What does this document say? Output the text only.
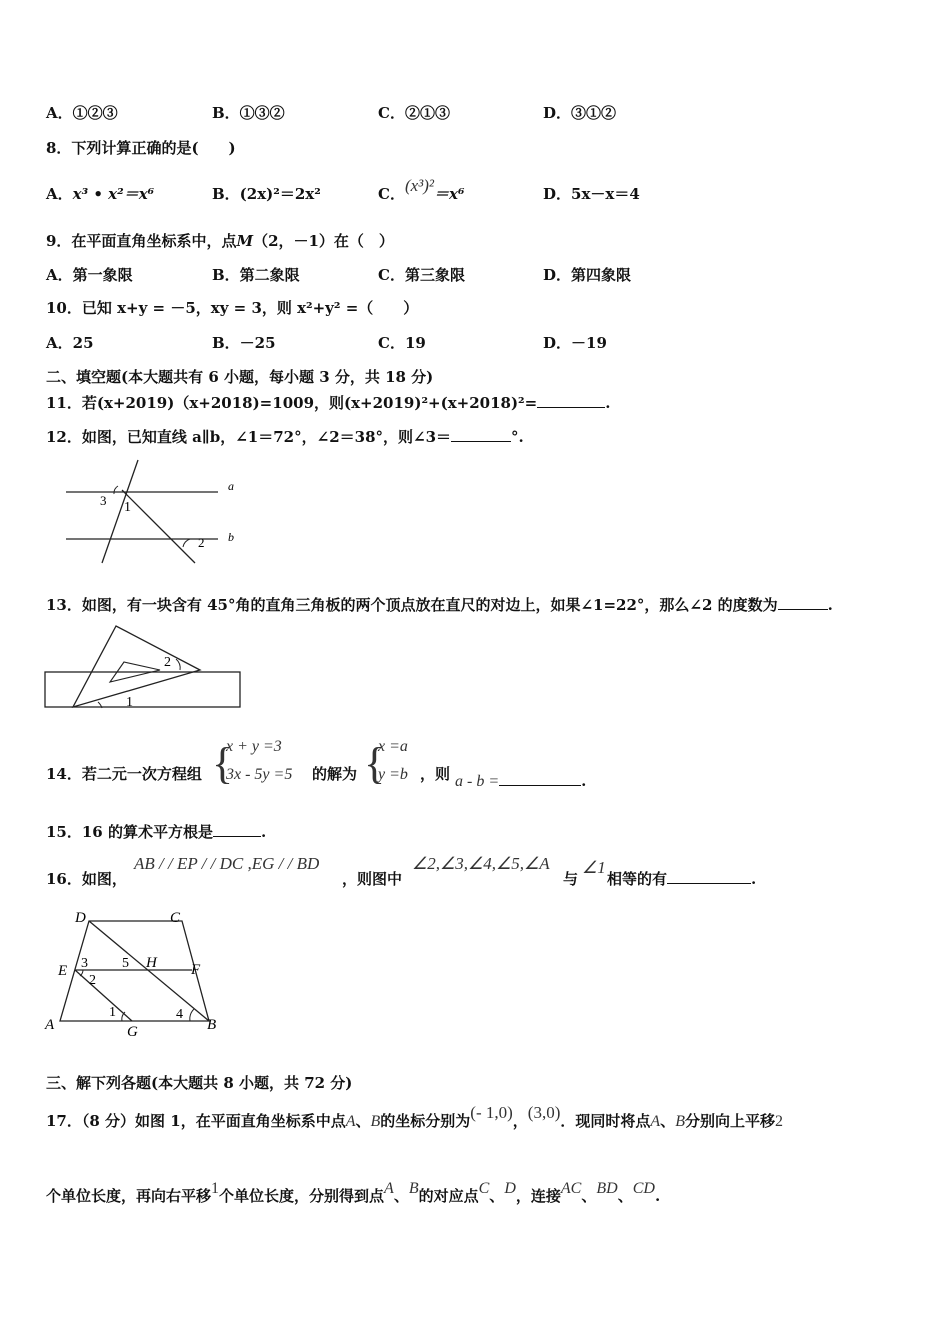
A．①②③	B．①③②	C．②①③	D．③①②
8．下列计算正确的是(　　)
A．x³ • x²＝x⁶	B．(2x)²＝2x²	C．(x³)²＝x⁶	D．5x－x＝4
9．在平面直角坐标系中，点M（2，－1）在（　）
A．第一象限	B．第二象限	C．第三象限	D．第四象限
10．已知 x+y = －5，xy = 3，则 x²+y² =（　　）
A．25	B．－25	C．19	D．－19
二、填空题(本大题共有 6 小题，每小题 3 分，共 18 分)
11．若(x+2019)（x+2018)=1009，则(x+2019)²+(x+2018)²=	.
12．如图，已知直线 a∥b，∠1＝72°，∠2＝38°，则∠3＝	°.
a
b
3 1
2
13．如图，有一块含有 45°角的直角三角板的两个顶点放在直尺的对边上，如果∠1=22°，那么∠2 的度数为	.
1
2
14．若二元一次方程组 {
x + y =3
3x - 5y =5 的解为 {
x =a
y =b ，则 a - b =	.
15．16 的算术平方根是	.
16．如图，
AB / / EP / / DC ,EG / / BD
，则图中
∠2,∠3,∠4,∠5,∠A
与
∠1
相等的有	.
D	C
E	F
H
A	G	B
1
2
3
4
5
三、解下列各题(本大题共 8 小题，共 72 分)
17．（8 分）如图 1，在平面直角坐标系中点A、B的坐标分别为(- 1,0)，(3,0)．现同时将点A、B分别向上平移2
个单位长度，再向右平移1个单位长度，分别得到点A、B的对应点C、D，连接AC、BD、CD.
